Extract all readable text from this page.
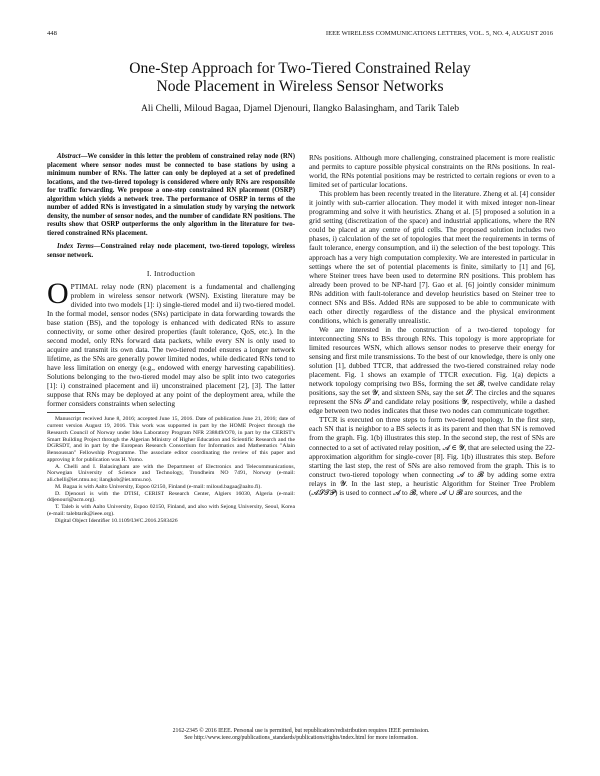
448	IEEE WIRELESS COMMUNICATIONS LETTERS, VOL. 5, NO. 4, AUGUST 2016
One-Step Approach for Two-Tiered Constrained Relay
Node Placement in Wireless Sensor Networks
Ali Chelli, Miloud Bagaa, Djamel Djenouri, Ilangko Balasingham, and Tarik Taleb

Abstract—We consider in this letter the problem of constrained relay node (RN) placement where sensor nodes must be connected to base stations by using a minimum number of RNs. The latter can only be deployed at a set of predefined locations, and the two-tiered topology is considered where only RNs are responsible for traffic forwarding. We propose a one-step constrained RN placement (OSRP) algorithm which yields a network tree. The performance of OSRP in terms of the number of added RNs is investigated in a simulation study by varying the network density, the number of sensor nodes, and the number of candidate RN positions. The results show that OSRP outperforms the only algorithm in the literature for two-tiered constrained RNs placement.

Index Terms—Constrained relay node placement, two-tiered topology, wireless sensor network.

I. Introduction

OPTIMAL relay node (RN) placement is a fundamental and challenging problem in wireless sensor network (WSN). Existing literature may be divided into two models [1]: i) single-tiered model and ii) two-tiered model. In the formal model, sensor nodes (SNs) participate in data forwarding towards the base station (BS), and the topology is enhanced with dedicated RNs to assure connectivity, or some other desired properties (fault tolerance, QoS, etc.). In the second model, only RNs forward data packets, while every SN is only used to acquire and transmit its own data. The two-tiered model ensures a longer network lifetime, as the SNs are generally power limited nodes, while dedicated RNs tend to have less limitation on energy (e.g., endowed with energy harvesting capabilities). Solutions belonging to the two-tiered model may also be split into two categories [1]: i) constrained placement and ii) unconstrained placement [2], [3]. The latter suppose that RNs may be deployed at any point of the deployment area, while the former considers constraints when selecting

Manuscript received June 8, 2016; accepted June 15, 2016. Date of publication June 21, 2016; date of current version August 19, 2016. This work was supported in part by the HOME Project through the Research Council of Norway under Idea Laboratory Program NFR 238849/O70, in part by the CERIST's Smart Building Project through the Algerian Ministry of Higher Education and Scientific Research and the DGRSDT, and in part by the European Research Consortium for Informatics and Mathematics "Alain Bensoussan" Fellowship Programme. The associate editor coordinating the review of this paper and approving it for publication was H. Yomo.

A. Chelli and I. Balasingham are with the Department of Electronics and Telecommunications, Norwegian University of Science and Technology, Trondheim NO 7491, Norway (e-mail: ali.chelli@iet.ntnu.no; ilangkob@iet.ntnu.no).

M. Bagaa is with Aalto University, Espoo 02150, Finland (e-mail: miloud.bagaa@aalto.fi).

D. Djenouri is with the DTISI, CERIST Research Center, Algiers 16030, Algeria (e-mail: ddjenouri@acm.org).

T. Taleb is with Aalto University, Espoo 02150, Finland, and also with Sejong University, Seoul, Korea (e-mail: talebtarik@ieee.org).

Digital Object Identifier 10.1109/LWC.2016.2583426

RNs positions. Although more challenging, constrained placement is more realistic and permits to capture possible physical constraints on the RNs positions. In real-world, the RNs potential positions may be restricted to certain regions or even to a limited set of particular locations.

This problem has been recently treated in the literature. Zheng et al. [4] consider it jointly with sub-carrier allocation. They model it with mixed integer non-linear programming and solve it with heuristics. Zhang et al. [5] proposed a solution in a grid setting (discretization of the space) and industrial applications, where the RN could be placed at any centre of grid cells. The proposed solution includes two phases, i) calculation of the set of topologies that meet the requirements in terms of fault tolerance, energy consumption, and ii) the selection of the best topology. This approach has a very high computation complexity. We are interested in particular in settings where the set of potential placements is finite, similarly to [1] and [6], where Steiner trees have been used to determine RN positions. This problem has already been proved to be NP-hard [7]. Gao et al. [6] jointly consider minimum RNs addition with fault-tolerance and develop heuristics based on Steiner tree to connect SNs and BSs. Added RNs are supposed to be able to communicate with each other directly regardless of the distance and the physical environment conditions, which is generally unrealistic.

We are interested in the construction of a two-tiered topology for interconnecting SNs to BSs through RNs. This topology is more appropriate for limited resources WSN, which allows sensor nodes to preserve their energy for sensing and first mile transmissions. To the best of our knowledge, there is only one solution [1], dubbed TTCR, that addressed the two-tiered constrained relay node placement. Fig. 1 shows an example of TTCR execution. Fig. 1(a) depicts a network topology comprising two BSs, forming the set 𝓑, twelve candidate relay positions, say the set 𝓨, and sixteen SNs, say the set 𝓢. The circles and the squares represent the SNs 𝓢 and candidate relay positions 𝓨, respectively, while a dashed edge between two nodes indicates that these two nodes can communicate together.

TTCR is executed on three steps to form two-tiered topology. In the first step, each SN that is neighbor to a BS selects it as its parent and then that SN is removed from the graph. Fig. 1(b) illustrates this step. In the second step, the rest of SNs are connected to a set of activated relay position, 𝓐 ∈ 𝓨, that are selected using the 22-approximation algorithm for single-cover [8]. Fig. 1(b) illustrates this step. Before starting the last step, the rest of SNs are also removed from the graph. This is to construct two-tiered topology when connecting 𝓐 to 𝓑 by adding some extra relays in 𝓨. In the last step, a heuristic Algorithm for Steiner Tree Problem (𝓐𝓢𝓣𝓟) is used to connect 𝓐 to 𝓑, where 𝓐 ∪ 𝓑 are sources, and the

2162-2345 © 2016 IEEE. Personal use is permitted, but republication/redistribution requires IEEE permission.
See http://www.ieee.org/publications_standards/publications/rights/index.html for more information.
